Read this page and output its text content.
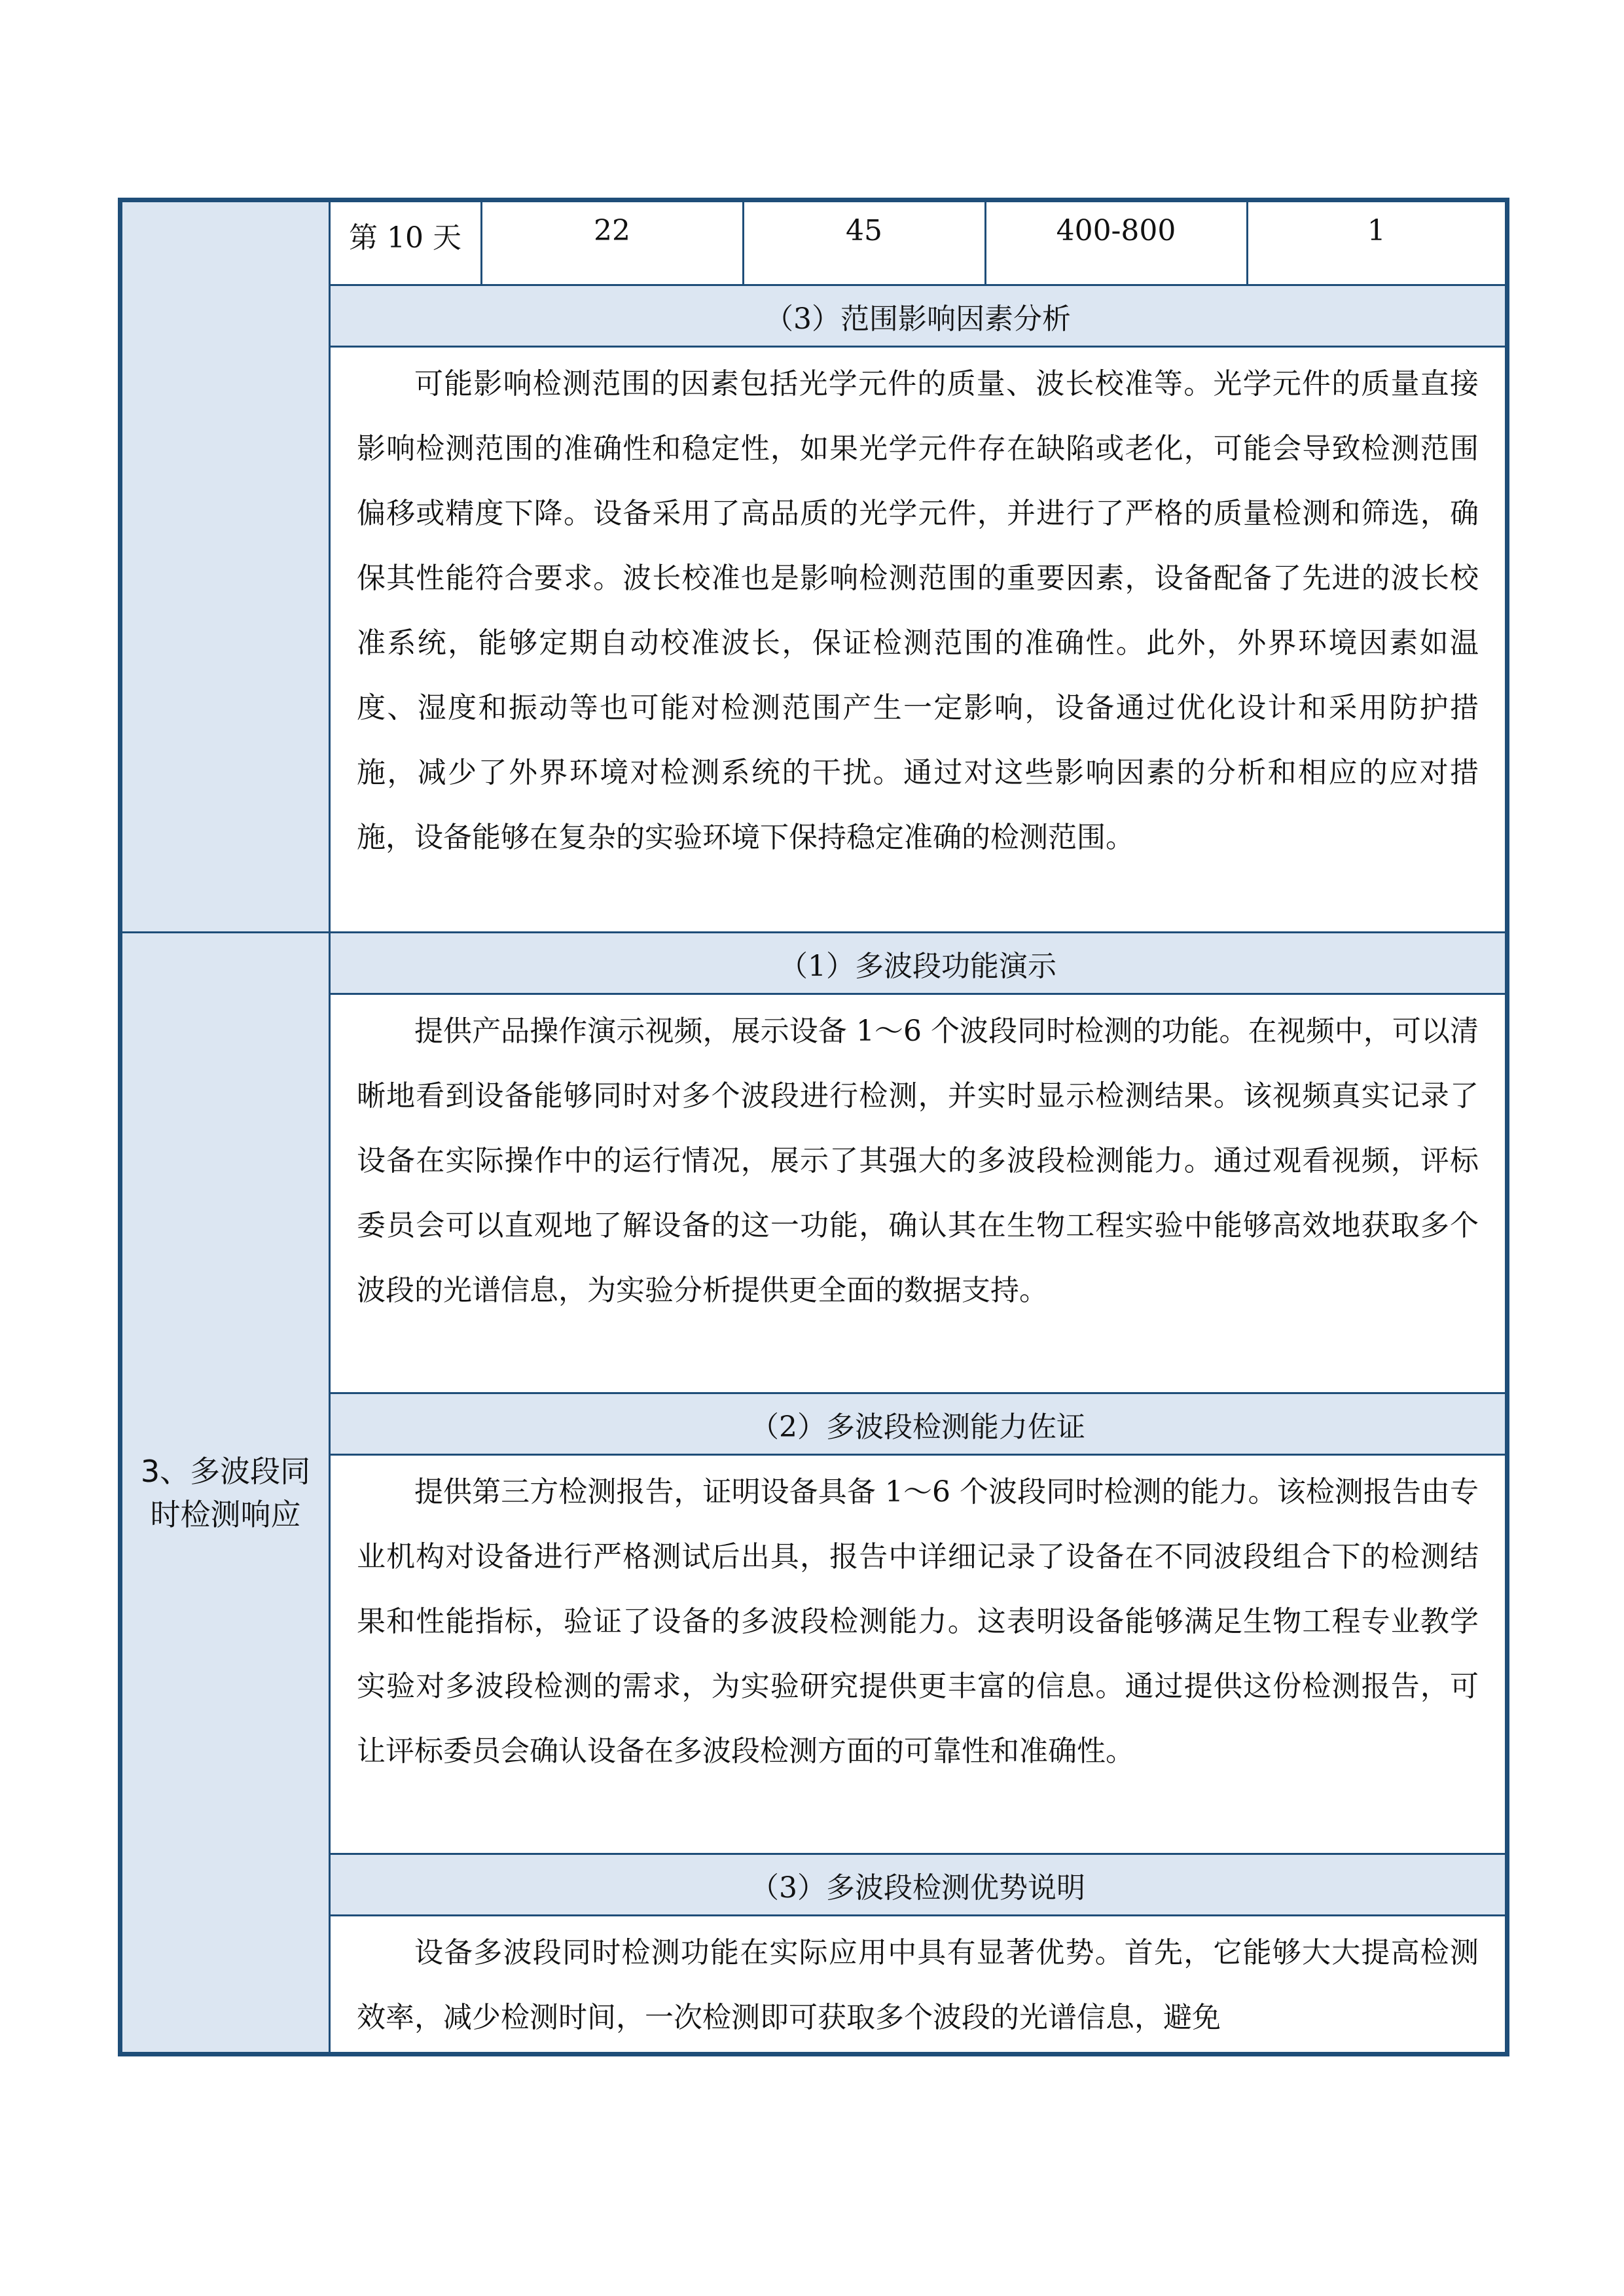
第 10 天	22	45	400-800	1

（3）范围影响因素分析
可能影响检测范围的因素包括光学元件的质量、波长校准等。光学元件的质量直接影响检测范围的准确性和稳定性，如果光学元件存在缺陷或老化，可能会导致检测范围偏移或精度下降。设备采用了高品质的光学元件，并进行了严格的质量检测和筛选，确保其性能符合要求。波长校准也是影响检测范围的重要因素，设备配备了先进的波长校准系统，能够定期自动校准波长，保证检测范围的准确性。此外，外界环境因素如温度、湿度和振动等也可能对检测范围产生一定影响，设备通过优化设计和采用防护措施，减少了外界环境对检测系统的干扰。通过对这些影响因素的分析和相应的应对措施，设备能够在复杂的实验环境下保持稳定准确的检测范围。
3、多波段同时检测响应	（1）多波段功能演示
提供产品操作演示视频，展示设备 1～6 个波段同时检测的功能。在视频中，可以清晰地看到设备能够同时对多个波段进行检测，并实时显示检测结果。该视频真实记录了设备在实际操作中的运行情况，展示了其强大的多波段检测能力。通过观看视频，评标委员会可以直观地了解设备的这一功能，确认其在生物工程实验中能够高效地获取多个波段的光谱信息，为实验分析提供更全面的数据支持。
（2）多波段检测能力佐证
提供第三方检测报告，证明设备具备 1～6 个波段同时检测的能力。该检测报告由专业机构对设备进行严格测试后出具，报告中详细记录了设备在不同波段组合下的检测结果和性能指标，验证了设备的多波段检测能力。这表明设备能够满足生物工程专业教学实验对多波段检测的需求，为实验研究提供更丰富的信息。通过提供这份检测报告，可让评标委员会确认设备在多波段检测方面的可靠性和准确性。
（3）多波段检测优势说明
设备多波段同时检测功能在实际应用中具有显著优势。首先，它能够大大提高检测效率，减少检测时间，一次检测即可获取多个波段的光谱信息，避免
